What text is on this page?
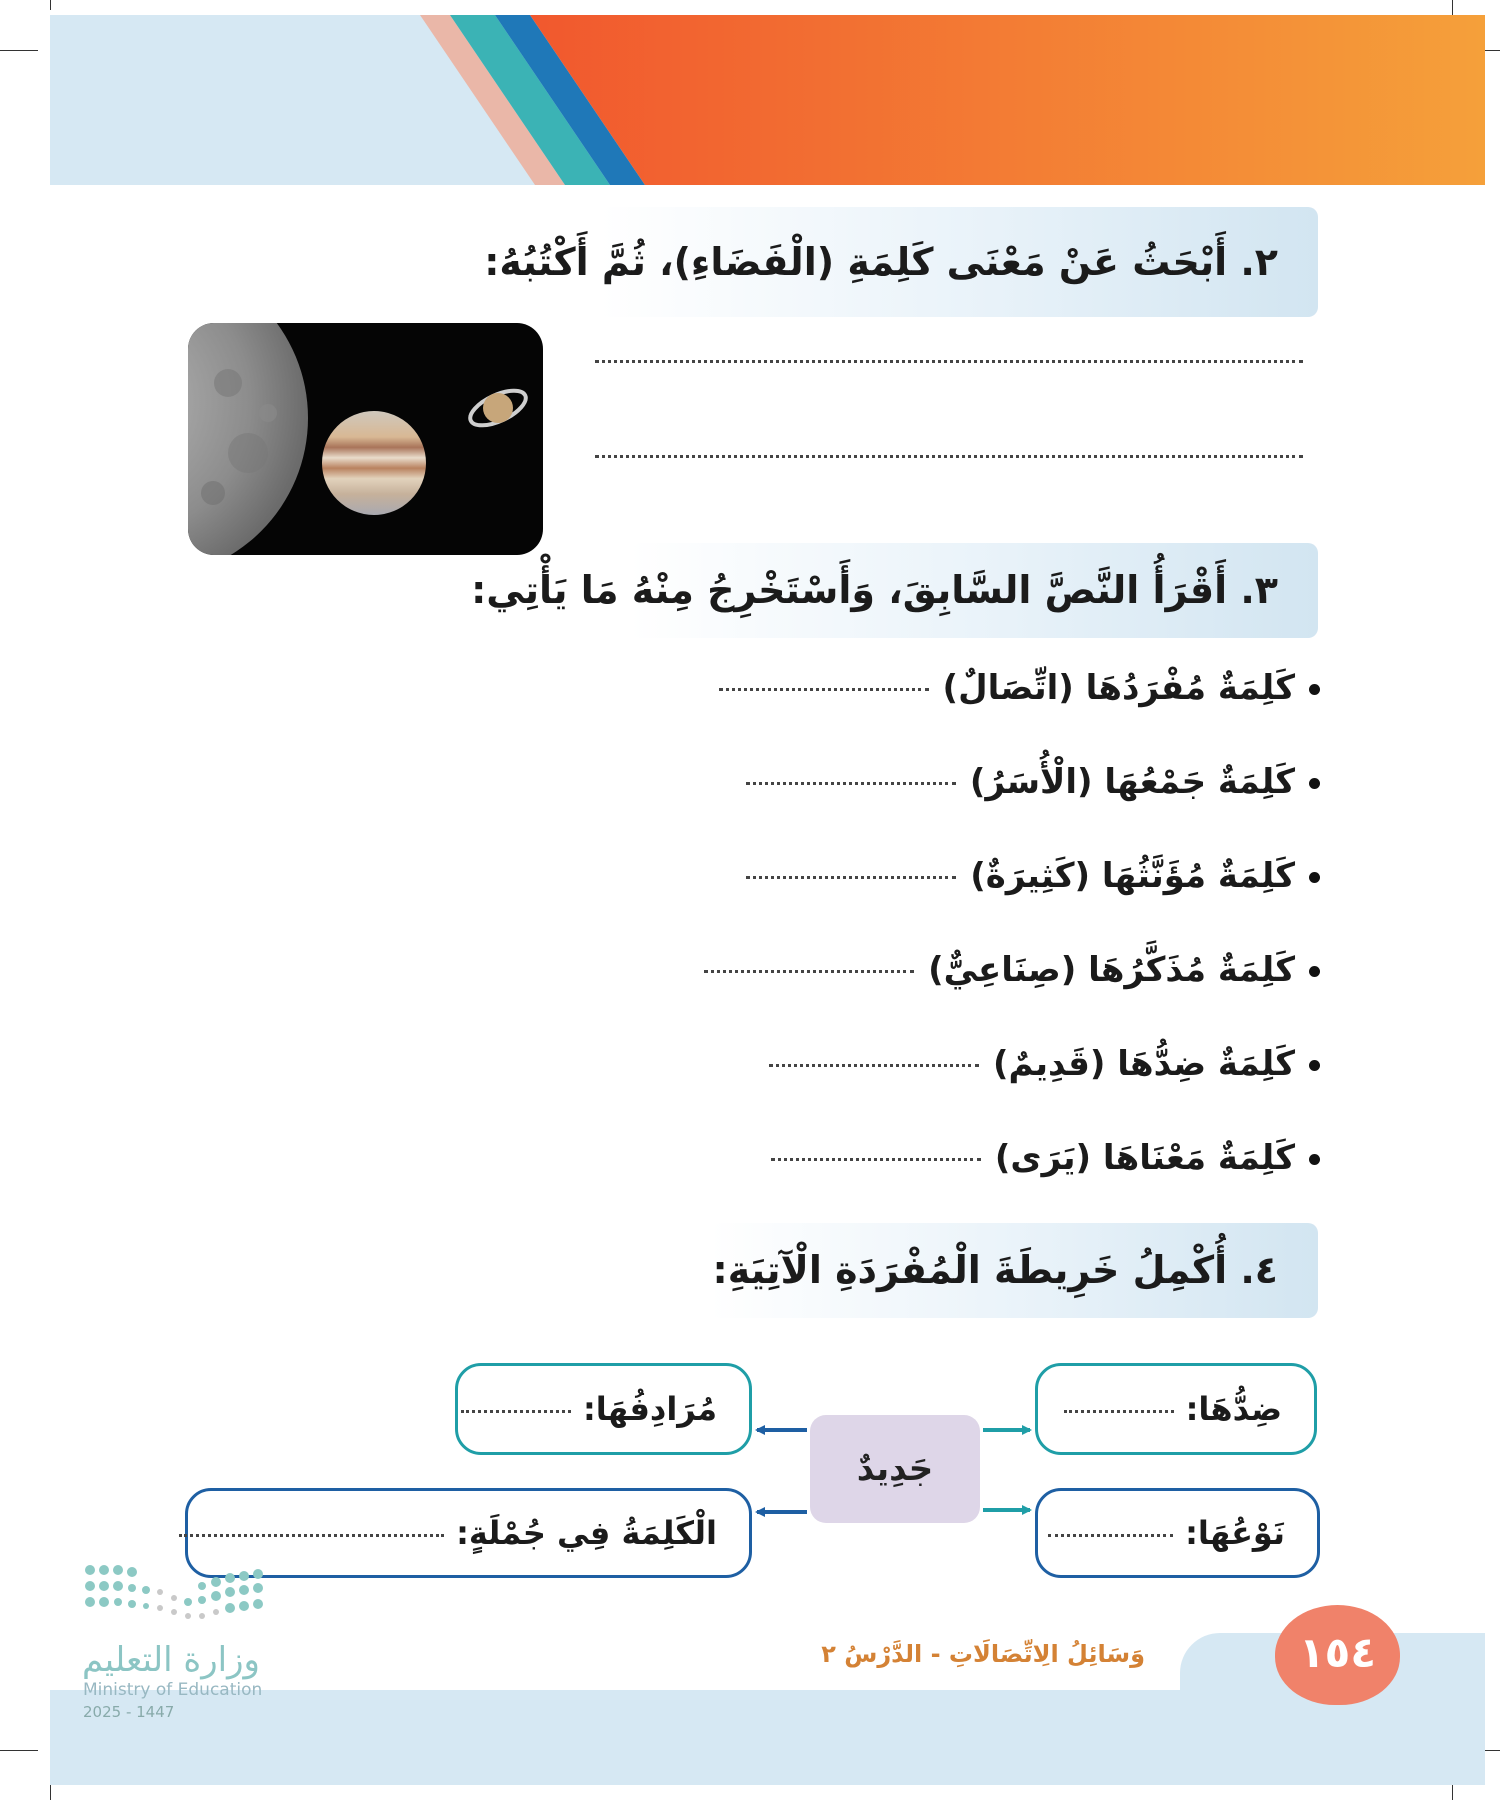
٢. أَبْحَثُ عَنْ مَعْنَى كَلِمَةِ (الْفَضَاءِ)، ثُمَّ أَكْتُبُهُ:
٣. أَقْرَأُ النَّصَّ السَّابِقَ، وَأَسْتَخْرِجُ مِنْهُ مَا يَأْتِي:
كَلِمَةٌ مُفْرَدُهَا (اتِّصَالٌ)
كَلِمَةٌ جَمْعُهَا (الْأُسَرُ)
كَلِمَةٌ مُؤَنَّثُهَا (كَثِيرَةٌ)
كَلِمَةٌ مُذَكَّرُهَا (صِنَاعِيٌّ)
كَلِمَةٌ ضِدُّهَا (قَدِيمٌ)
كَلِمَةٌ مَعْنَاهَا (يَرَى)
٤. أُكْمِلُ خَرِيطَةَ الْمُفْرَدَةِ الْآتِيَةِ:
ضِدُّهَا:
مُرَادِفُهَا:
نَوْعُهَا:
الْكَلِمَةُ فِي جُمْلَةٍ:
جَدِيدٌ
١٥٤
وَسَائِلُ الِاتِّصَالَاتِ - الدَّرْسُ ٢
وزارة التعليم
Ministry of Education
2025 - 1447
